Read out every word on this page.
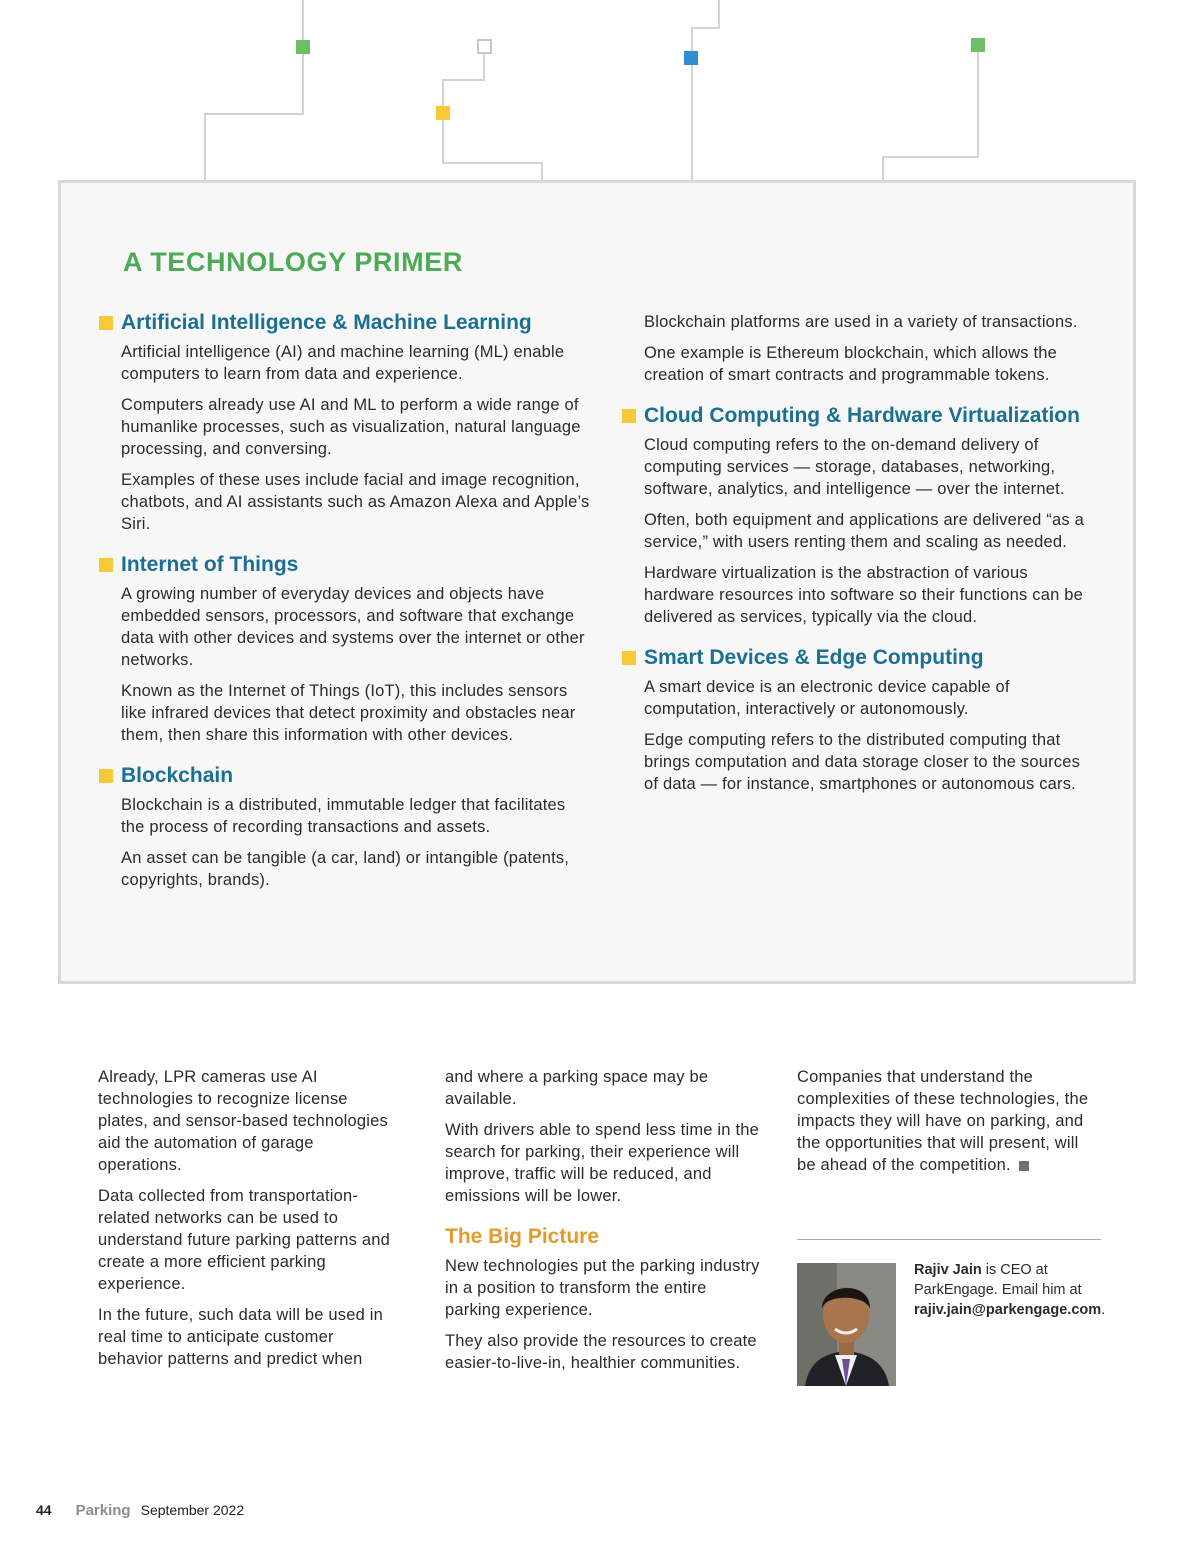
A TECHNOLOGY PRIMER
Artificial Intelligence & Machine Learning

Artificial intelligence (AI) and machine learning (ML) enable computers to learn from data and experience.

Computers already use AI and ML to perform a wide range of humanlike processes, such as visualization, natural language processing, and conversing.

Examples of these uses include facial and image recognition, chatbots, and AI assistants such as Amazon Alexa and Apple’s Siri.

Internet of Things

A growing number of everyday devices and objects have embedded sensors, processors, and software that exchange data with other devices and systems over the internet or other networks.

Known as the Internet of Things (IoT), this includes sensors like infrared devices that detect proximity and obstacles near them, then share this information with other devices.

Blockchain

Blockchain is a distributed, immutable ledger that facilitates the process of recording transactions and assets.

An asset can be tangible (a car, land) or intangible (patents, copyrights, brands).

Blockchain platforms are used in a variety of transactions.

One example is Ethereum blockchain, which allows the creation of smart contracts and programmable tokens.

Cloud Computing & Hardware Virtualization

Cloud computing refers to the on-demand delivery of computing services — storage, databases, networking, software, analytics, and intelligence — over the internet.

Often, both equipment and applications are delivered “as a service,” with users renting them and scaling as needed.

Hardware virtualization is the abstraction of various hardware resources into software so their functions can be delivered as services, typically via the cloud.

Smart Devices & Edge Computing

A smart device is an electronic device capable of computation, interactively or autonomously.

Edge computing refers to the distributed computing that brings computation and data storage closer to the sources of data — for instance, smartphones or autonomous cars.

Already, LPR cameras use AI technologies to recognize license plates, and sensor-based technologies aid the automation of garage operations.

Data collected from transportation-related networks can be used to understand future parking patterns and create a more efficient parking experience.

In the future, such data will be used in real time to anticipate customer behavior patterns and predict when

and where a parking space may be available.

With drivers able to spend less time in the search for parking, their experience will improve, traffic will be reduced, and emissions will be lower.

The Big Picture

New technologies put the parking industry in a position to transform the entire parking experience.

They also provide the resources to create easier-to-live-in, healthier communities.

Companies that understand the complexities of these technologies, the impacts they will have on parking, and the opportunities that will present, will be ahead of the competition.

Rajiv Jain is CEO at ParkEngage. Email him at rajiv.jain@parkengage.com.
44 Parking September 2022
